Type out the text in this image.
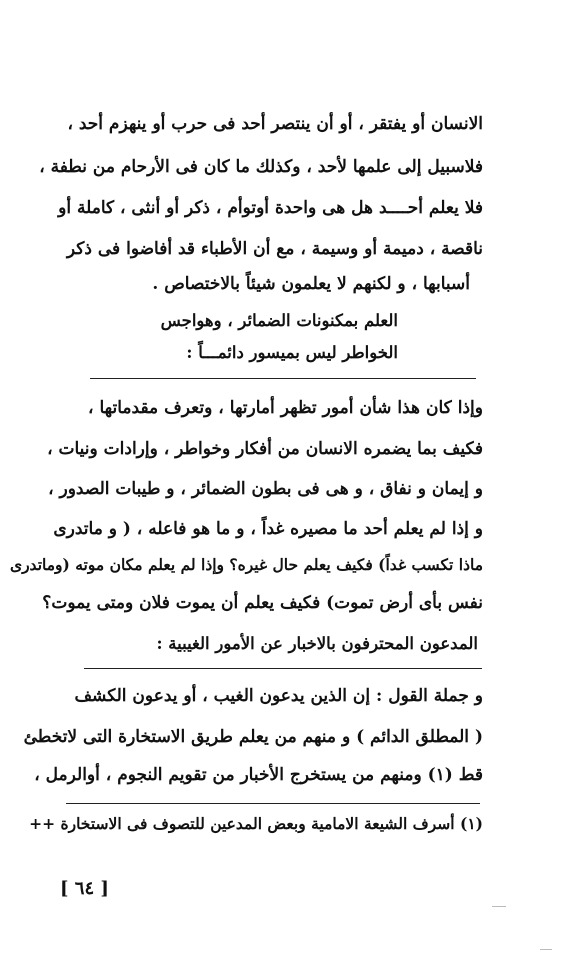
الانسان أو يفتقر ، أو أن ينتصر أحد فى حرب أو ينهزم أحد ،
فلاسبيل إلى علمها لأحد ، وكذلك ما كان فى الأرحام من نطفة ،
فلا يعلم أحــــد هل هى واحدة أوتوأم ، ذكر أو أنثى ، كاملة أو
ناقصة ، دميمة أو وسيمة ، مع أن الأطباء قد أفاضوا فى ذكر
أسبابها ، و لكنهم لا يعلمون شيئاً بالاختصاص .
العلم بمكنونات الضمائر ، وهواجس
الخواطر ليس بميسور دائمـــاً :
وإذا كان هذا شأن أمور تظهر أمارتها ، وتعرف مقدماتها ،
فكيف بما يضمره الانسان من أفكار وخواطر ، وإرادات ونيات ،
و إيمان و نفاق ، و هى فى بطون الضمائر ، و طيبات الصدور ،
و إذا لم يعلم أحد ما مصيره غداً ، و ما هو فاعله ، ( و ماتدرى
ماذا تكسب غداً) فكيف يعلم حال غيره؟ وإذا لم يعلم مكان موته (وماتدرى
نفس بأى أرض تموت) فكيف يعلم أن يموت فلان ومتى يموت؟
المدعون المحترفون بالاخبار عن الأمور الغيبية :
و جملة القول : إن الذين يدعون الغيب ، أو يدعون الكشف
( المطلق الدائم ) و منهم من يعلم طريق الاستخارة التى لاتخطئ
قط (١) ومنهم من يستخرج الأخبار من تقويم النجوم ، أوالرمل ،
(١) أسرف الشيعة الامامية وبعض المدعين للتصوف فى الاستخارة ++
[ ٦٤ ]
